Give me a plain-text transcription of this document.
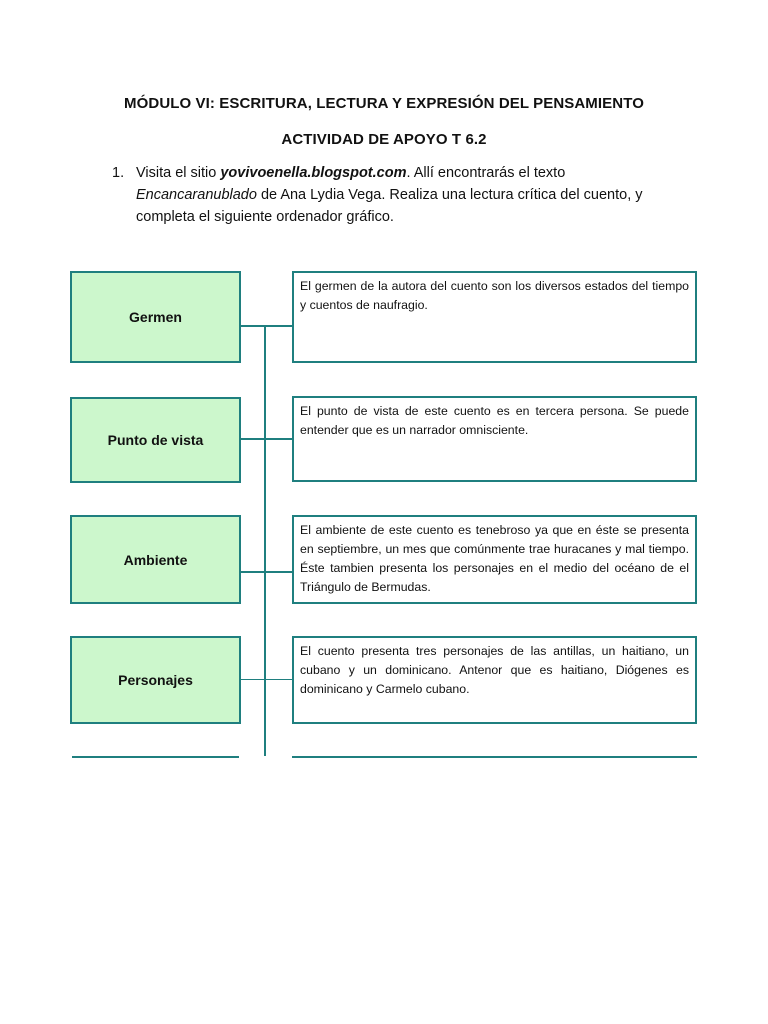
MÓDULO VI: ESCRITURA, LECTURA Y EXPRESIÓN DEL PENSAMIENTO
ACTIVIDAD DE APOYO T 6.2
1. Visita el sitio yovivoenella.blogspot.com. Allí encontrarás el texto
Encancaranublado de Ana Lydia Vega. Realiza una lectura crítica del cuento, y completa el siguiente ordenador gráfico.
Germen
El germen de la autora del cuento son los diversos estados del tiempo y cuentos de naufragio.
Punto de vista
El punto de vista de este cuento es en tercera persona. Se puede entender que es un narrador omnisciente.
Ambiente
El ambiente de este cuento es tenebroso ya que en éste se presenta en septiembre, un mes que comúnmente trae huracanes y mal tiempo. Éste tambien presenta los personajes en el medio del océano de el Triángulo de Bermudas.
Personajes
El cuento presenta tres personajes de las antillas, un haitiano, un cubano y un dominicano. Antenor que es haitiano, Diógenes es dominicano y Carmelo cubano.
